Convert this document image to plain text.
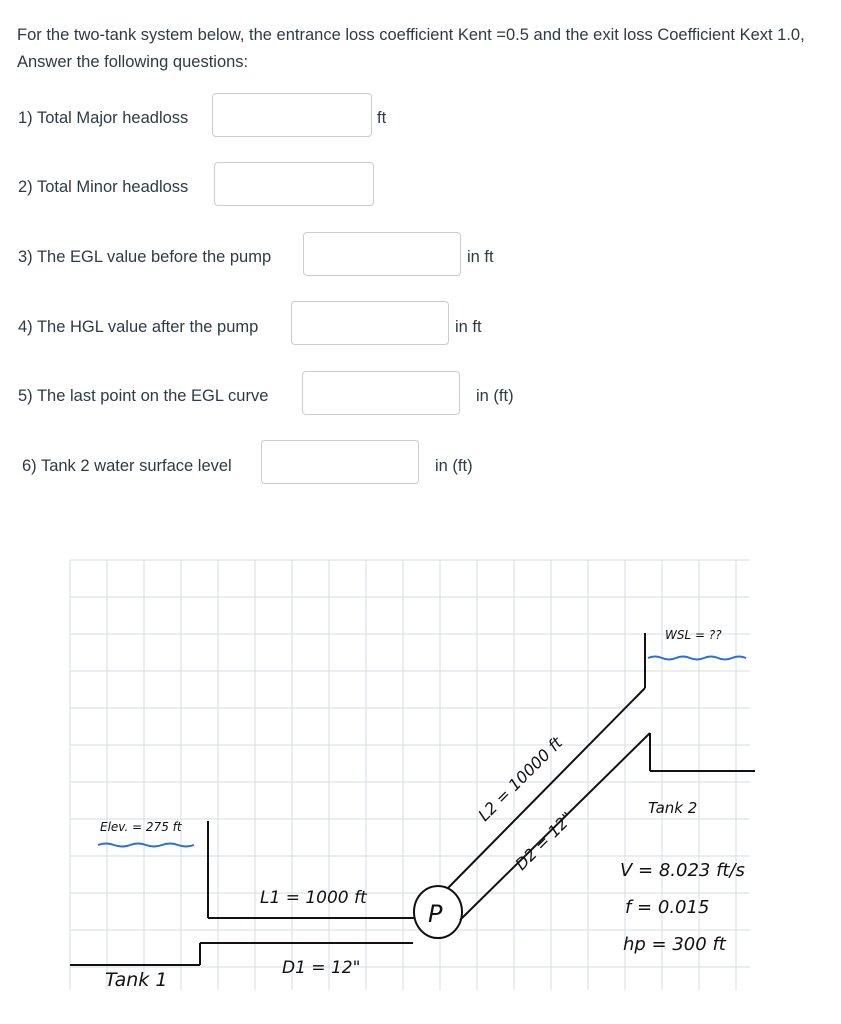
For the two-tank system below, the entrance loss coefficient Kent =0.5 and the exit loss Coefficient Kext 1.0, Answer the following questions:

1) Total Major headloss	ft
2) Total Minor headloss
3) The EGL value before the pump	in ft
4) The HGL value after the pump	in ft
5) The last point on the EGL curve	in (ft)
6) Tank 2 water surface level	in (ft)
P
Elev. = 275 ft
Tank 1
L1 = 1000 ft
D1 = 12"
L2 = 10000 ft
D2 = 12"
WSL = ??
Tank 2
V = 8.023 ft/s
f = 0.015
hp = 300 ft
